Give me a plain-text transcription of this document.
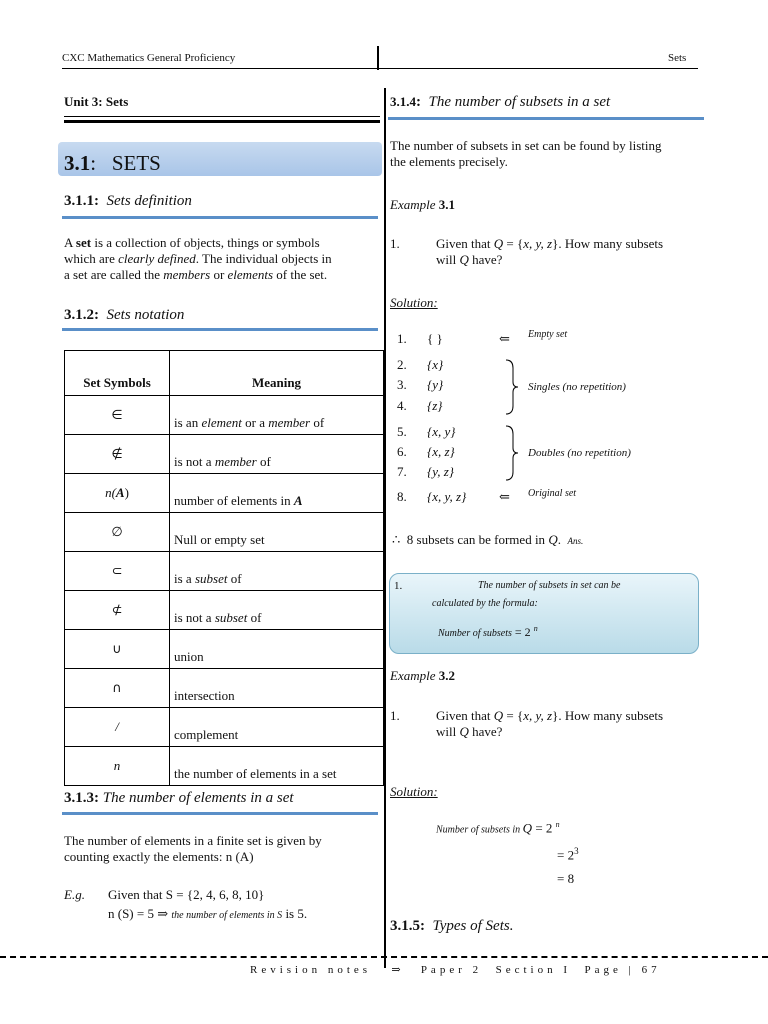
CXC Mathematics General Proficiency	Sets
Unit 3: Sets
3.1: SETS
3.1.1: Sets definition
A set is a collection of objects, things or symbols
which are clearly defined. The individual objects in
a set are called the members or elements of the set.
3.1.2: Sets notation
Set Symbols	Meaning
∈	is an element or a member of
∉	is not a member of
n(A)	number of elements in A
∅	Null or empty set
⊂	is a subset of
⊄	is not a subset of
∪	union
∩	intersection
/	complement
n	the number of elements in a set
3.1.3: The number of elements in a set
The number of elements in a finite set is given by
counting exactly the elements: n (A)
E.g. Given that S = {2, 4, 6, 8, 10}
n (S) = 5 ⇒ the number of elements in S is 5.
3.1.4: The number of subsets in a set
The number of subsets in set can be found by listing
the elements precisely.
Example 3.1
1.	Given that Q = {x, y, z}. How many subsets
will Q have?
Solution:
1. { }	⇐ Empty set
2. {x}
3. {y}
4. {z}
Singles (no repetition)
5. {x, y}
6. {x, z}
7. {y, z}
Doubles (no repetition)
8. {x, y, z}	⇐ Original set
∴ 8 subsets can be formed in Q. Ans.
1.	The number of subsets in set can be
calculated by the formula:
Number of subsets = 2 $^n$
Example 3.2
1.	Given that Q = {x, y, z}. How many subsets
will Q have?
Solution:
Number of subsets in Q = 2 $^n$
= $2^3$
= 8
3.1.5: Types of Sets.
Revision notes ⇒ Paper 2 Section I Page | 67
